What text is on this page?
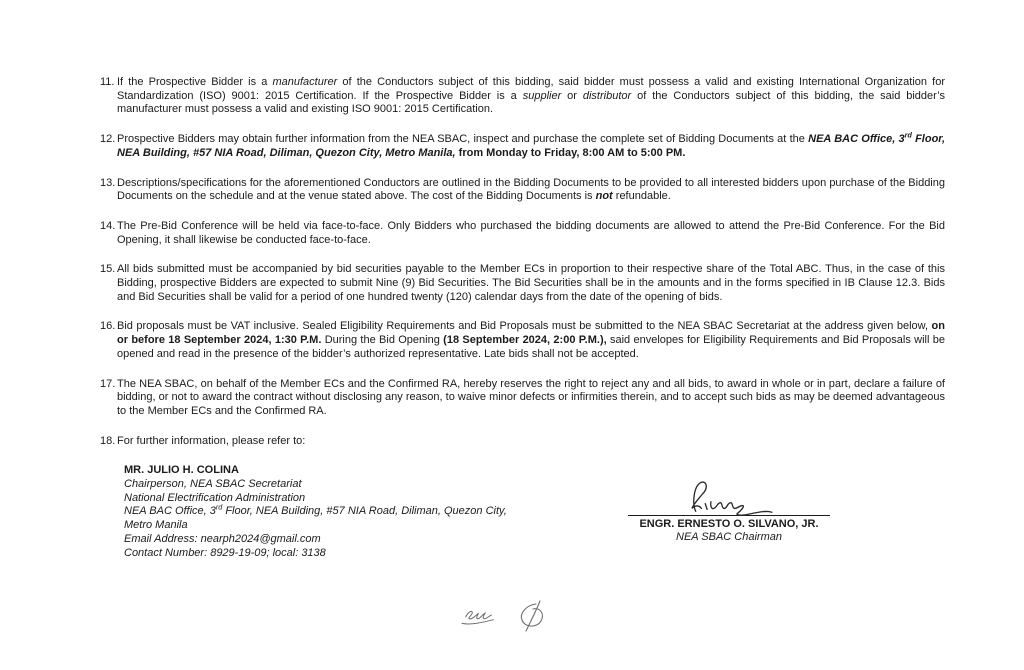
11. If the Prospective Bidder is a manufacturer of the Conductors subject of this bidding, said bidder must possess a valid and existing International Organization for Standardization (ISO) 9001: 2015 Certification. If the Prospective Bidder is a supplier or distributor of the Conductors subject of this bidding, the said bidder’s manufacturer must possess a valid and existing ISO 9001: 2015 Certification.
12. Prospective Bidders may obtain further information from the NEA SBAC, inspect and purchase the complete set of Bidding Documents at the NEA BAC Office, 3rd Floor, NEA Building, #57 NIA Road, Diliman, Quezon City, Metro Manila, from Monday to Friday, 8:00 AM to 5:00 PM.
13. Descriptions/specifications for the aforementioned Conductors are outlined in the Bidding Documents to be provided to all interested bidders upon purchase of the Bidding Documents on the schedule and at the venue stated above. The cost of the Bidding Documents is not refundable.
14. The Pre-Bid Conference will be held via face-to-face. Only Bidders who purchased the bidding documents are allowed to attend the Pre-Bid Conference. For the Bid Opening, it shall likewise be conducted face-to-face.
15. All bids submitted must be accompanied by bid securities payable to the Member ECs in proportion to their respective share of the Total ABC. Thus, in the case of this Bidding, prospective Bidders are expected to submit Nine (9) Bid Securities. The Bid Securities shall be in the amounts and in the forms specified in IB Clause 12.3. Bids and Bid Securities shall be valid for a period of one hundred twenty (120) calendar days from the date of the opening of bids.
16. Bid proposals must be VAT inclusive. Sealed Eligibility Requirements and Bid Proposals must be submitted to the NEA SBAC Secretariat at the address given below, on or before 18 September 2024, 1:30 P.M. During the Bid Opening (18 September 2024, 2:00 P.M.), said envelopes for Eligibility Requirements and Bid Proposals will be opened and read in the presence of the bidder’s authorized representative. Late bids shall not be accepted.
17. The NEA SBAC, on behalf of the Member ECs and the Confirmed RA, hereby reserves the right to reject any and all bids, to award in whole or in part, declare a failure of bidding, or not to award the contract without disclosing any reason, to waive minor defects or infirmities therein, and to accept such bids as may be deemed advantageous to the Member ECs and the Confirmed RA.
18. For further information, please refer to:
MR. JULIO H. COLINA
Chairperson, NEA SBAC Secretariat
National Electrification Administration
NEA BAC Office, 3rd Floor, NEA Building, #57 NIA Road, Diliman, Quezon City,
Metro Manila
Email Address: nearph2024@gmail.com
Contact Number: 8929-19-09; local: 3138
ENGR. ERNESTO O. SILVANO, JR.
NEA SBAC Chairman
